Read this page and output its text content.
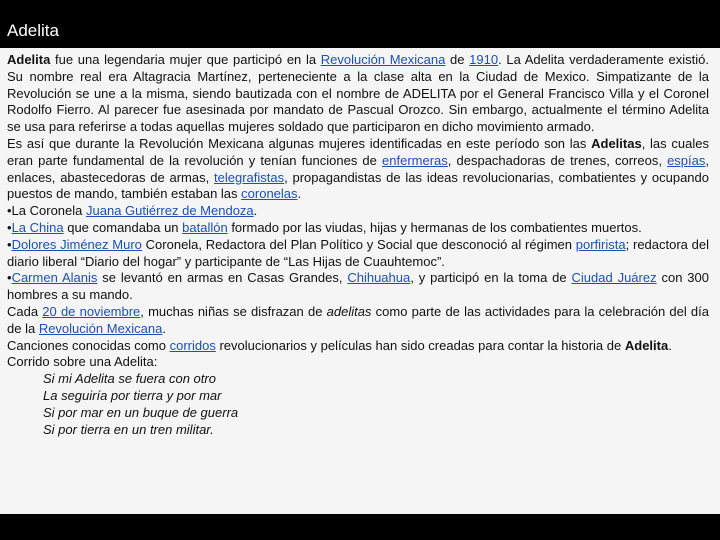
Adelita

Adelita fue una legendaria mujer que participó en la Revolución Mexicana de 1910. La Adelita verdaderamente existió. Su nombre real era Altagracia Martínez, perteneciente a la clase alta en la Ciudad de Mexico. Simpatizante de la Revolución se une a la misma, siendo bautizada con el nombre de ADELITA por el General Francisco Villa y el Coronel Rodolfo Fierro. Al parecer fue asesinada por mandato de Pascual Orozco. Sin embargo, actualmente el término Adelita se usa para referirse a todas aquellas mujeres soldado que participaron en dicho movimiento armado.

Es así que durante la Revolución Mexicana algunas mujeres identificadas en este período son las Adelitas, las cuales eran parte fundamental de la revolución y tenían funciones de enfermeras, despachadoras de trenes, correos, espías, enlaces, abastecedoras de armas, telegrafistas, propagandistas de las ideas revolucionarias, combatientes y ocupando puestos de mando, también estaban las coronelas.

•La Coronela Juana Gutiérrez de Mendoza.

•La China que comandaba un batallón formado por las viudas, hijas y hermanas de los combatientes muertos.

•Dolores Jiménez Muro Coronela, Redactora del Plan Político y Social que desconoció al régimen porfirista; redactora del diario liberal “Diario del hogar” y participante de “Las Hijas de Cuauhtemoc”.

•Carmen Alanis se levantó en armas en Casas Grandes, Chihuahua, y participó en la toma de Ciudad Juárez con 300 hombres a su mando.

Cada 20 de noviembre, muchas niñas se disfrazan de adelitas como parte de las actividades para la celebración del día de la Revolución Mexicana.

Canciones conocidas como corridos revolucionarios y películas han sido creadas para contar la historia de Adelita.

Corrido sobre una Adelita:

Si mi Adelita se fuera con otro
La seguiría por tierra y por mar
Si por mar en un buque de guerra
Si por tierra en un tren militar.
